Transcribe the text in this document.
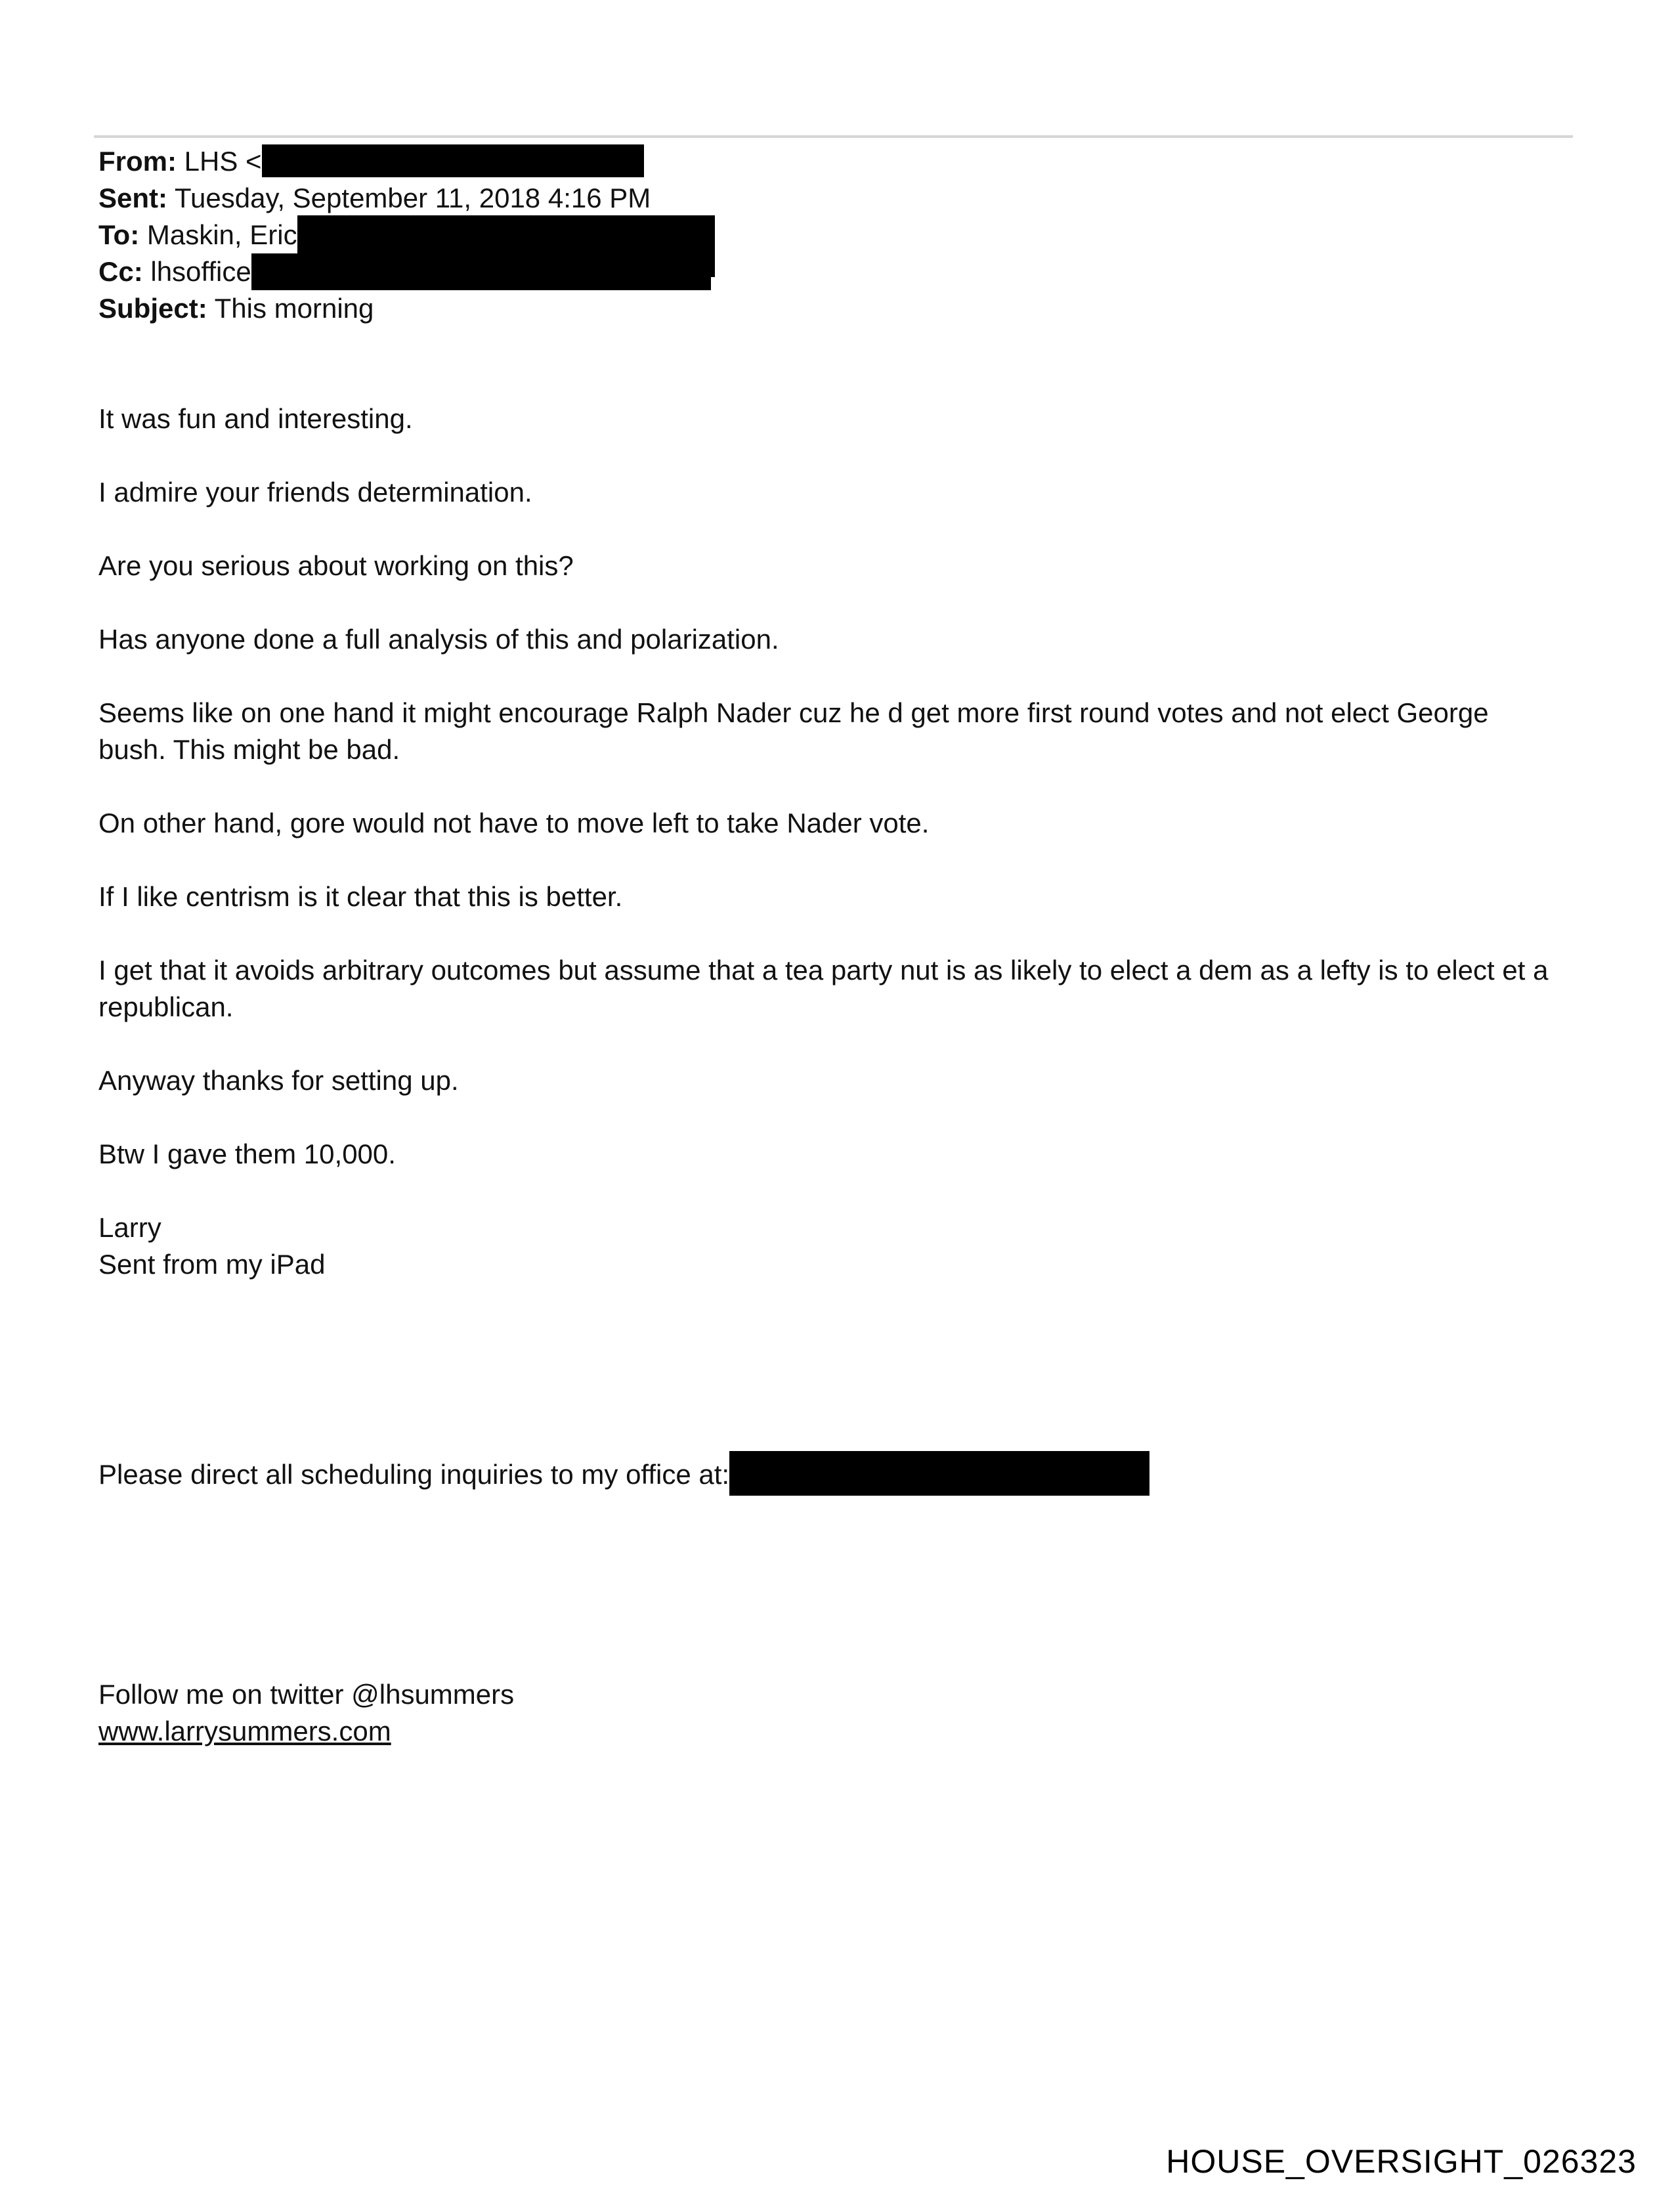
From: LHS <
Sent: Tuesday, September 11, 2018 4:16 PM
To: Maskin, Eric
Cc: lhsoffice
Subject: This morning

It was fun and interesting.

I admire your friends determination.

Are you serious about working on this?

Has anyone done a full analysis of this and polarization.

Seems like on one hand it might encourage Ralph Nader cuz he d get more first round votes and not elect George bush. This might be bad.

On other hand, gore would not have to move left to take Nader vote.

If I like centrism is it clear that this is better.

I get that it avoids arbitrary outcomes but assume that a tea party nut is as likely to elect a dem as a lefty is to elect et a republican.

Anyway thanks for setting up.

Btw I gave them 10,000.

Larry

Sent from my iPad

Please direct all scheduling inquiries to my office at:
Follow me on twitter @lhsummers
www.larrysummers.com
HOUSE_OVERSIGHT_026323
